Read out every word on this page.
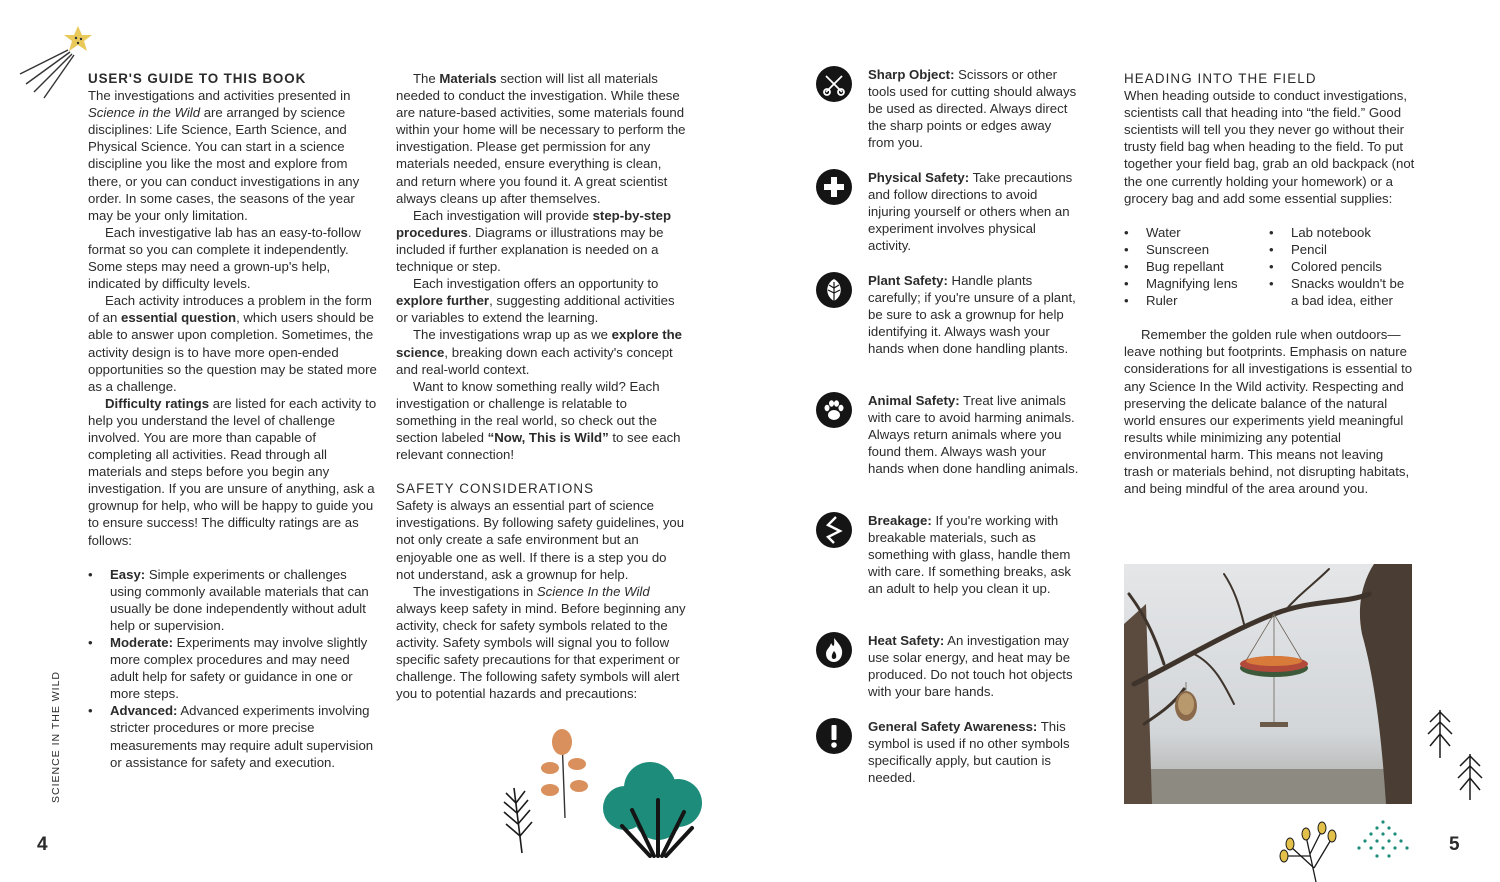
USER'S GUIDE TO THIS BOOK

The investigations and activities presented in Science in the Wild are arranged by science disciplines: Life Science, Earth Science, and Physical Science. You can start in a science discipline you like the most and explore from there, or you can conduct investigations in any order. In some cases, the seasons of the year may be your only limitation.

Each investigative lab has an easy-to-follow format so you can complete it independently. Some steps may need a grown-up's help, indicated by difficulty levels.

Each activity introduces a problem in the form of an essential question, which users should be able to answer upon completion. Sometimes, the activity design is to have more open-ended opportunities so the question may be stated more as a challenge.

Difficulty ratings are listed for each activity to help you understand the level of challenge involved. You are more than capable of completing all activities. Read through all materials and steps before you begin any investigation. If you are unsure of anything, ask a grownup for help, who will be happy to guide you to ensure success! The difficulty ratings are as follows:

• Easy: Simple experiments or challenges using commonly available materials that can usually be done independently without adult help or supervision.
• Moderate: Experiments may involve slightly more complex procedures and may need adult help for safety or guidance in one or more steps.
• Advanced: Advanced experiments involving stricter procedures or more precise measurements may require adult supervision or assistance for safety and execution.

The Materials section will list all materials needed to conduct the investigation. While these are nature-based activities, some materials found within your home will be necessary to perform the investigation. Please get permission for any materials needed, ensure everything is clean, and return where you found it. A great scientist always cleans up after themselves.

Each investigation will provide step-by-step procedures. Diagrams or illustrations may be included if further explanation is needed on a technique or step.

Each investigation offers an opportunity to explore further, suggesting additional activities or variables to extend the learning.

The investigations wrap up as we explore the science, breaking down each activity's concept and real-world context.

Want to know something really wild? Each investigation or challenge is relatable to something in the real world, so check out the section labeled “Now, This is Wild” to see each relevant connection!

SAFETY CONSIDERATIONS

Safety is always an essential part of science investigations. By following safety guidelines, you not only create a safe environment but an enjoyable one as well. If there is a step you do not understand, ask a grownup for help.

The investigations in Science In the Wild always keep safety in mind. Before beginning any activity, check for safety symbols related to the activity. Safety symbols will signal you to follow specific safety precautions for that experiment or challenge. The following safety symbols will alert you to potential hazards and precautions:

SCIENCE IN THE WILD
4
Sharp Object: Scissors or other tools used for cutting should always be used as directed. Always direct the sharp points or edges away from you.
Physical Safety: Take precautions and follow directions to avoid injuring yourself or others when an experiment involves physical activity.
Plant Safety: Handle plants carefully; if you're unsure of a plant, be sure to ask a grownup for help identifying it. Always wash your hands when done handling plants.
Animal Safety: Treat live animals with care to avoid harming animals. Always return animals where you found them. Always wash your hands when done handling animals.
Breakage: If you're working with breakable materials, such as something with glass, handle them with care. If something breaks, ask an adult to help you clean it up.
Heat Safety: An investigation may use solar energy, and heat may be produced. Do not touch hot objects with your bare hands.
General Safety Awareness: This symbol is used if no other symbols specifically apply, but caution is needed.

HEADING INTO THE FIELD

When heading outside to conduct investigations, scientists call that heading into “the field.” Good scientists will tell you they never go without their trusty field bag when heading to the field. To put together your field bag, grab an old backpack (not the one currently holding your homework) or a grocery bag and add some essential supplies:

• Water
• Sunscreen
• Bug repellant
• Magnifying lens
• Ruler
• Lab notebook
• Pencil
• Colored pencils
• Snacks wouldn't be a bad idea, either

Remember the golden rule when outdoors—leave nothing but footprints. Emphasis on nature considerations for all investigations is essential to any Science In the Wild activity. Respecting and preserving the delicate balance of the natural world ensures our experiments yield meaningful results while minimizing any potential environmental harm. This means not leaving trash or materials behind, not disrupting habitats, and being mindful of the area around you.

5
